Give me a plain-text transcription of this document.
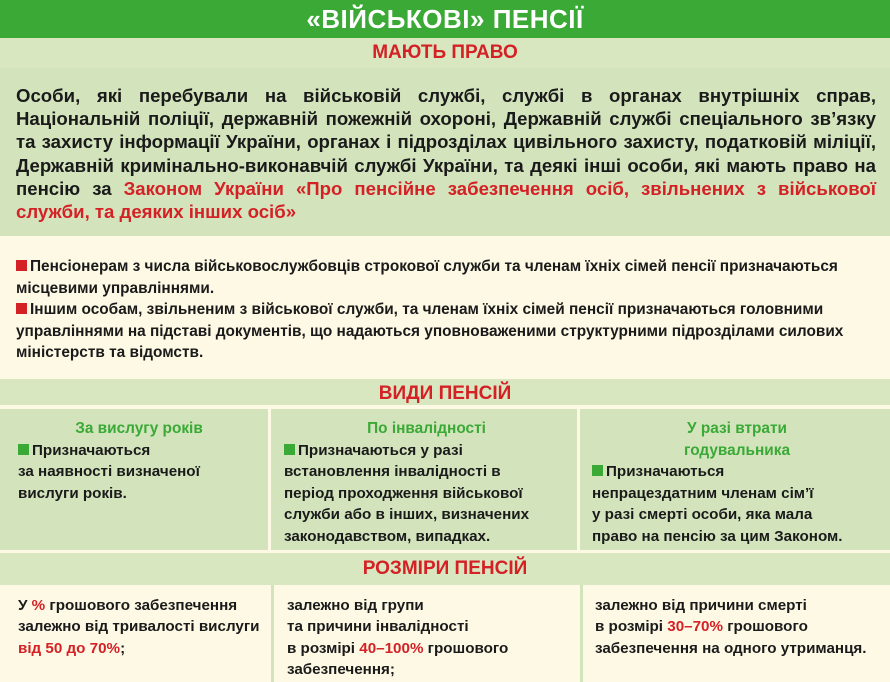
«ВІЙСЬКОВІ» ПЕНСІЇ
МАЮТЬ ПРАВО
Особи, які перебували на військовій службі, службі в органах внутрішніх справ, Національній поліції, державній пожежній охороні, Державній службі спеціального зв’язку та захисту інформації України, органах і підрозділах цивільного захисту, податковій міліції, Державній кримінально-виконавчій службі України, та деякі інші особи, які мають право на пенсію за Законом України «Про пенсійне забезпечення осіб, звільнених з військової служби, та деяких інших осіб»

Пенсіонерам з числа військовослужбовців строкової служби та членам їхніх сімей пенсії призначаються місцевими управліннями.

Іншим особам, звільненим з військової служби, та членам їхніх сімей пенсії призначаються головними управліннями на підставі документів, що надаються уповноваженими структурними підрозділами силових міністерств та відомств.

ВИДИ ПЕНСІЙ
За вислугу років

Призначаються
за наявності визначеної
вислуги років.

По інвалідності

Призначаються у разі
встановлення інвалідності в
період проходження військової
служби або в інших, визначених
законодавством, випадках.

У разі втрати
годувальника

Призначаються
непрацездатним членам сім’ї
у разі смерті особи, яка мала
право на пенсію за цим Законом.

РОЗМІРИ ПЕНСІЙ
У % грошового забезпечення залежно від тривалості вислуги від 50 до 70%;
залежно від групи
та причини інвалідності
в розмірі 40–100% грошового забезпечення;
залежно від причини смерті
в розмірі 30–70% грошового
забезпечення на одного утриманця.
